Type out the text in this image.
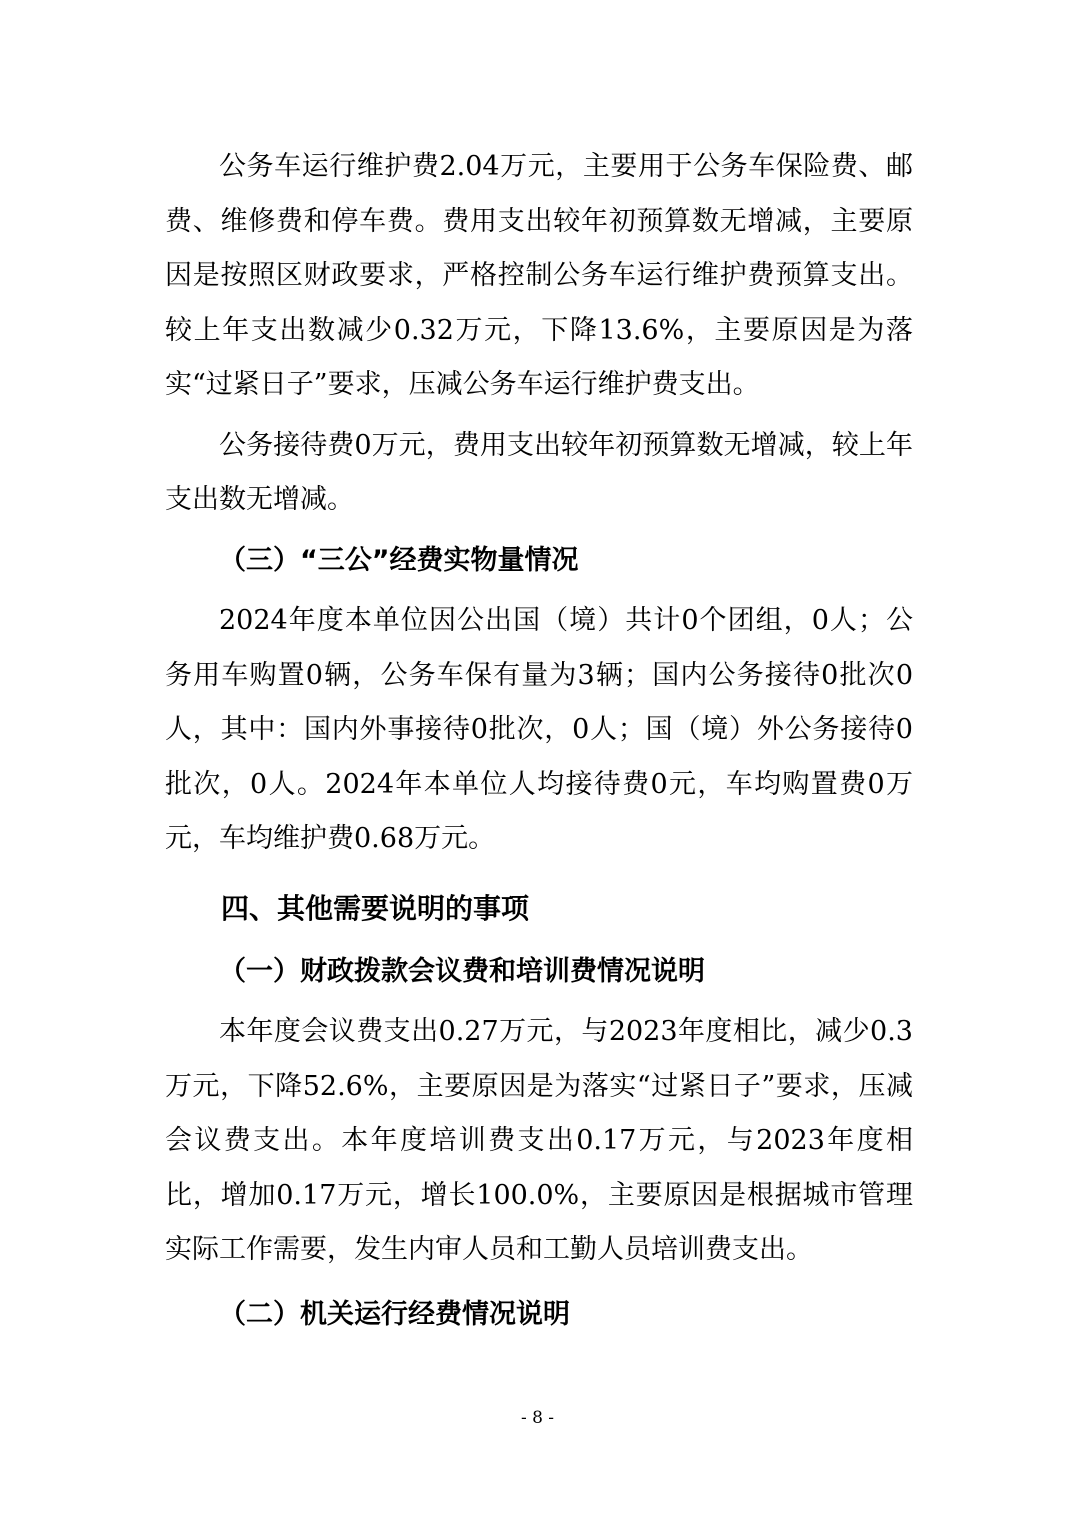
公务车运行维护费2.04万元，主要用于公务车保险费、邮费、维修费和停车费。费用支出较年初预算数无增减，主要原因是按照区财政要求，严格控制公务车运行维护费预算支出。较上年支出数减少0.32万元，下降13.6%，主要原因是为落实“过紧日子”要求，压减公务车运行维护费支出。

公务接待费0万元，费用支出较年初预算数无增减，较上年支出数无增减。

（三）“三公”经费实物量情况

2024年度本单位因公出国（境）共计0个团组，0人；公务用车购置0辆，公务车保有量为3辆；国内公务接待0批次0人，其中：国内外事接待0批次，0人；国（境）外公务接待0批次，0人。2024年本单位人均接待费0元，车均购置费0万元，车均维护费0.68万元。

四、其他需要说明的事项

（一）财政拨款会议费和培训费情况说明

本年度会议费支出0.27万元，与2023年度相比，减少0.3万元，下降52.6%，主要原因是为落实“过紧日子”要求，压减会议费支出。本年度培训费支出0.17万元，与2023年度相比，增加0.17万元，增长100.0%，主要原因是根据城市管理实际工作需要，发生内审人员和工勤人员培训费支出。

（二）机关运行经费情况说明

- 8 -
